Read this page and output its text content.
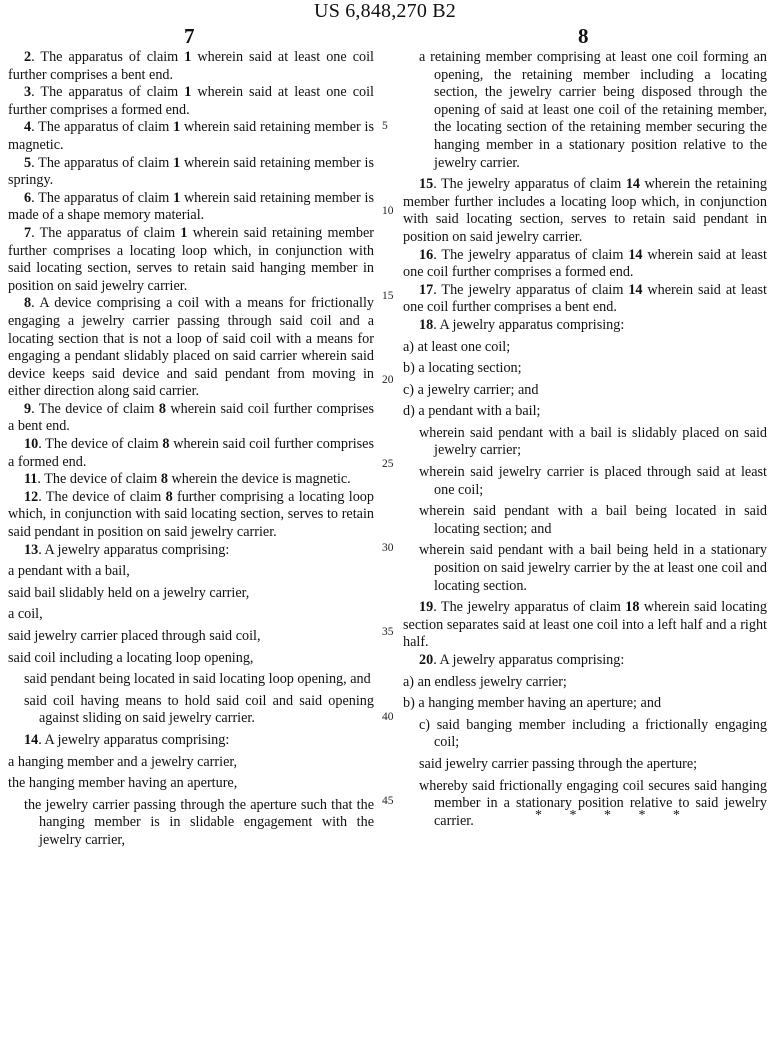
US 6,848,270 B2
7	8
5
10
15
20
25
30
35
40
45

2. The apparatus of claim 1 wherein said at least one coil further comprises a bent end.

3. The apparatus of claim 1 wherein said at least one coil further comprises a formed end.

4. The apparatus of claim 1 wherein said retaining member is magnetic.

5. The apparatus of claim 1 wherein said retaining member is springy.

6. The apparatus of claim 1 wherein said retaining member is made of a shape memory material.

7. The apparatus of claim 1 wherein said retaining member further comprises a locating loop which, in conjunction with said locating section, serves to retain said hanging member in position on said jewelry carrier.

8. A device comprising a coil with a means for frictionally engaging a jewelry carrier passing through said coil and a locating section that is not a loop of said coil with a means for engaging a pendant slidably placed on said carrier wherein said device keeps said device and said pendant from moving in either direction along said carrier.

9. The device of claim 8 wherein said coil further comprises a bent end.

10. The device of claim 8 wherein said coil further comprises a formed end.

11. The device of claim 8 wherein the device is magnetic.

12. The device of claim 8 further comprising a locating loop which, in conjunction with said locating section, serves to retain said pendant in position on said jewelry carrier.

13. A jewelry apparatus comprising:

a pendant with a bail,

said bail slidably held on a jewelry carrier,

a coil,

said jewelry carrier placed through said coil,

said coil including a locating loop opening,

said pendant being located in said locating loop opening, and

said coil having means to hold said coil and said opening against sliding on said jewelry carrier.

14. A jewelry apparatus comprising:

a hanging member and a jewelry carrier,

the hanging member having an aperture,

the jewelry carrier passing through the aperture such that the hanging member is in slidable engagement with the jewelry carrier,

a retaining member comprising at least one coil forming an opening, the retaining member including a locating section, the jewelry carrier being disposed through the opening of said at least one coil of the retaining member, the locating section of the retaining member securing the hanging member in a stationary position relative to the jewelry carrier.

15. The jewelry apparatus of claim 14 wherein the retaining member further includes a locating loop which, in conjunction with said locating section, serves to retain said pendant in position on said jewelry carrier.

16. The jewelry apparatus of claim 14 wherein said at least one coil further comprises a formed end.

17. The jewelry apparatus of claim 14 wherein said at least one coil further comprises a bent end.

18. A jewelry apparatus comprising:

a) at least one coil;

b) a locating section;

c) a jewelry carrier; and

d) a pendant with a bail;

wherein said pendant with a bail is slidably placed on said jewelry carrier;

wherein said jewelry carrier is placed through said at least one coil;

wherein said pendant with a bail being located in said locating section; and

wherein said pendant with a bail being held in a stationary position on said jewelry carrier by the at least one coil and locating section.

19. The jewelry apparatus of claim 18 wherein said locating section separates said at least one coil into a left half and a right half.

20. A jewelry apparatus comprising:

a) an endless jewelry carrier;

b) a hanging member having an aperture; and

c) said banging member including a frictionally engaging coil;

said jewelry carrier passing through the aperture;

whereby said frictionally engaging coil secures said hanging member in a stationary position relative to said jewelry carrier.	* * * * *
